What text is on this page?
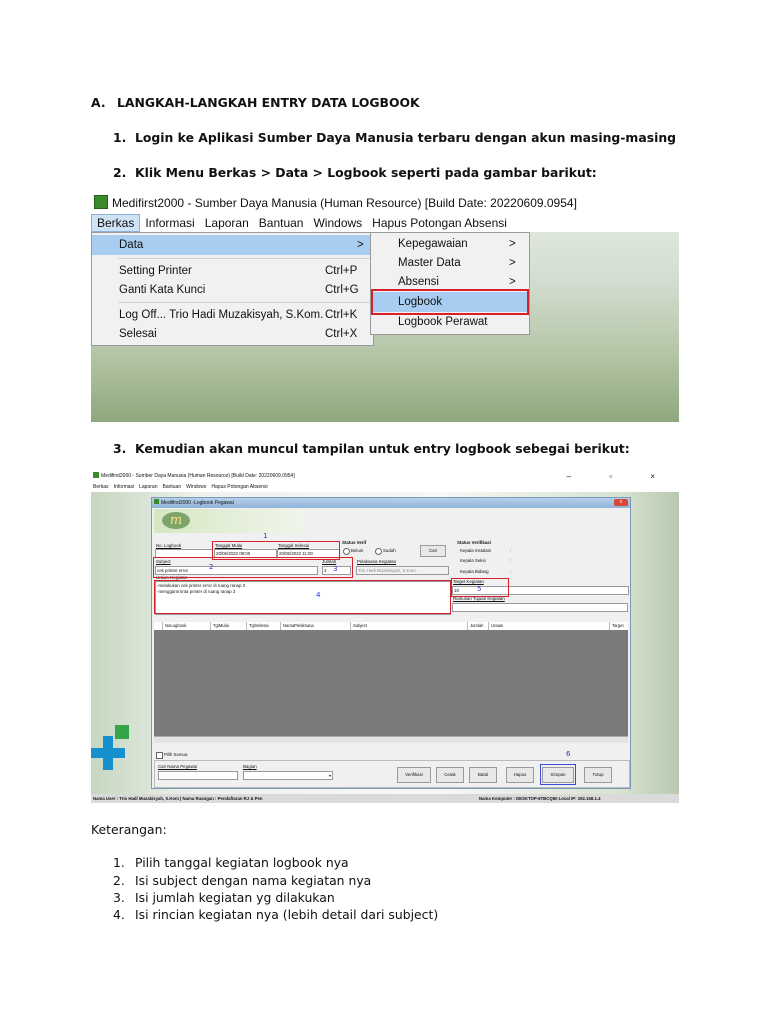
A. LANGKAH-LANGKAH ENTRY DATA LOGBOOK
1. Login ke Aplikasi Sumber Daya Manusia terbaru dengan akun masing-masing
2. Klik Menu Berkas > Data > Logbook seperti pada gambar barikut:
Medifirst2000 - Sumber Daya Manusia (Human Resource) [Build Date: 20220609.0954]
Berkas Informasi Laporan Bantuan Windows Hapus Potongan Absensi
Data	>
Setting Printer	Ctrl+P
Ganti Kata Kunci	Ctrl+G
Log Off... Trio Hadi Muzakisyah, S.Kom. Ctrl+K
Selesai	Ctrl+X
Kepegawaian	>
Master Data	>
Absensi	>
Logbook
Logbook Perawat
3. Kemudian akan muncul tampilan untuk entry logbook sebegai berikut:
Medifirst2000 - Sumber Daya Manusia (Human Resource) [Build Date: 20220609.0954]	– ▫ ×
Berkas Informasi Laporan Bantuan Windows Hapus Potongan Absensi
Medifirst2000 -Logbook Pegawai	x
m
No. Logbook	Tanggal Mulai
20/06/2022 08:00
Tanggal Selesai
20/06/2022 11:00
Status Verif
Belum	Sudah	Cari
Status Verifikasi
Kepala Instalasi	:
Kepala Seksi	:
Kepala Bidang	:
Subject
cek printer error
Jumlah
3
Pelaksana Kegiatan
Trio Hadi Muzakisyah, S.Kom.
Uraian Kegiatan
-melakukan cek printer error di ruang ranap 3
-mengganti tinta printer di ruang ranap 3
Target Kegiatan
10
Rumusan Tujuan Kegiatan
1
2	3
4
5
6
NoLogbook	TglMulai	TglSelesai	NamaPelaksana	Subject	Jumlah	Uraian	Target
Pilih Semua
Cari Nama Pegawai	Bagian
▾	Verifikasi	Cetak	Batal	Hapus	Simpan	Tutup
Nama User : Trio Hadi Muzakisyah, S.Kom | Nama Ruangan : Pendaftaran RJ & Pen	Nama Komputer : DESKTOP-6TBCQ50 Local IP: 192.168.1.4
Keterangan:
1. Pilih tanggal kegiatan logbook nya
2. Isi subject dengan nama kegiatan nya
3. Isi jumlah kegiatan yg dilakukan
4. Isi rincian kegiatan nya (lebih detail dari subject)
